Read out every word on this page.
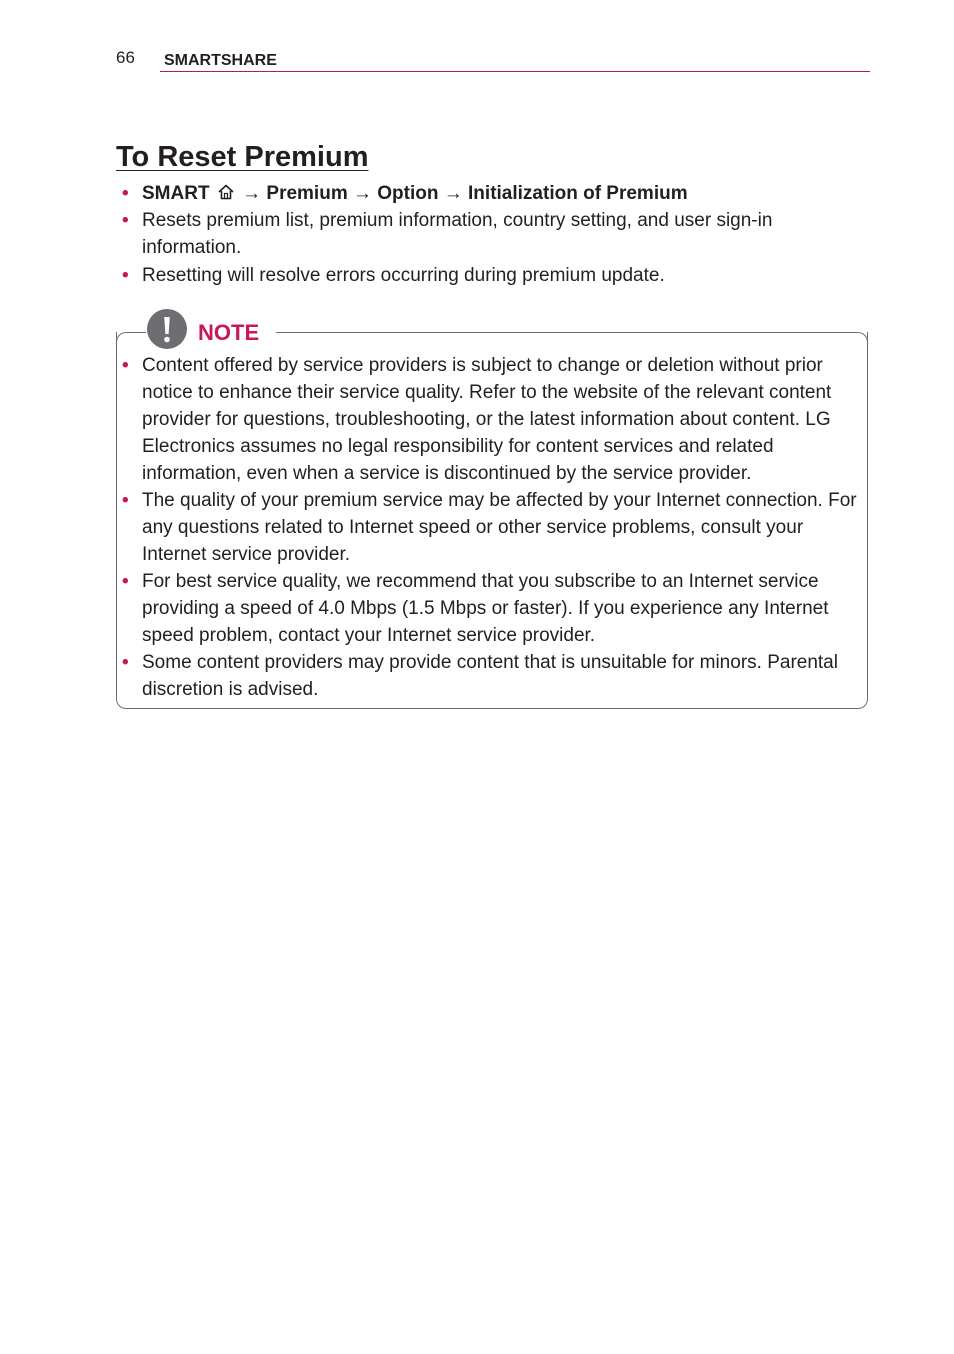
66 SMARTSHARE
To Reset Premium
• SMART → Premium → Option → Initialization of Premium
• Resets premium list, premium information, country setting, and user sign-in information.
• Resetting will resolve errors occurring during premium update.
NOTE
• Content offered by service providers is subject to change or deletion without prior notice to enhance their service quality. Refer to the website of the relevant content provider for questions, troubleshooting, or the latest information about content. LG Electronics assumes no legal responsibility for content services and related information, even when a service is discontinued by the service provider.
• The quality of your premium service may be affected by your Internet connection. For any questions related to Internet speed or other service problems, consult your Internet service provider.
• For best service quality, we recommend that you subscribe to an Internet service providing a speed of 4.0 Mbps (1.5 Mbps or faster). If you experience any Internet speed problem, contact your Internet service provider.
• Some content providers may provide content that is unsuitable for minors. Parental discretion is advised.
